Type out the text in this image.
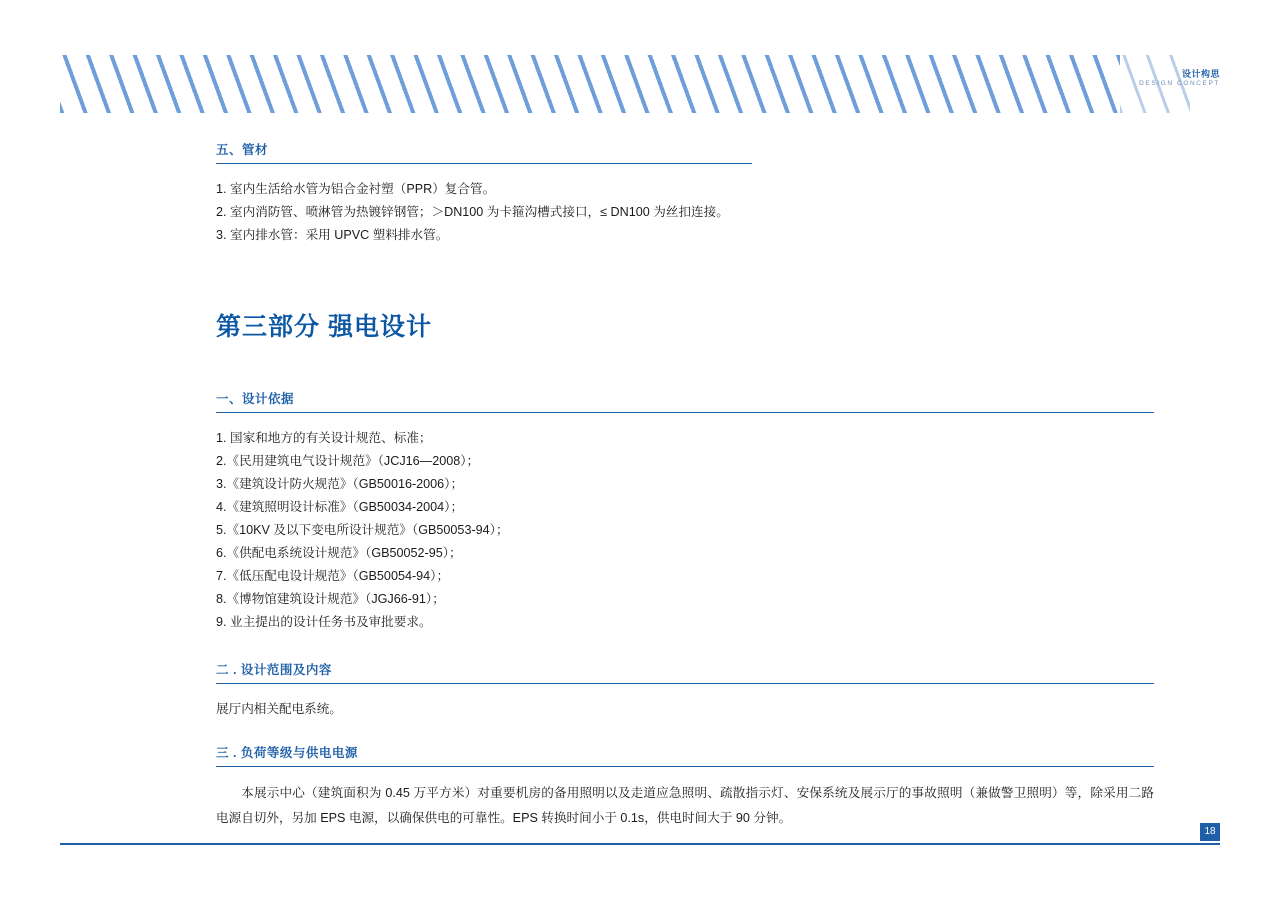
设计构思
DESIGN CONCEPT
五、管材
1. 室内生活给水管为铝合金衬塑（PPR）复合管。
2. 室内消防管、喷淋管为热镀锌钢管；＞DN100 为卡箍沟槽式接口，≤ DN100 为丝扣连接。
3. 室内排水管：采用 UPVC 塑料排水管。
第三部分 强电设计
一、设计依据
1. 国家和地方的有关设计规范、标准；
2.《民用建筑电气设计规范》（JCJ16—2008）；
3.《建筑设计防火规范》（GB50016-2006）；
4.《建筑照明设计标准》（GB50034-2004）；
5.《10KV 及以下变电所设计规范》（GB50053-94）；
6.《供配电系统设计规范》（GB50052-95）；
7.《低压配电设计规范》（GB50054-94）；
8.《博物馆建筑设计规范》（JGJ66-91）；
9. 业主提出的设计任务书及审批要求。
二 . 设计范围及内容
展厅内相关配电系统。
三 . 负荷等级与供电电源
本展示中心（建筑面积为 0.45 万平方米）对重要机房的备用照明以及走道应急照明、疏散指示灯、安保系统及展示厅的事故照明（兼做警卫照明）等，除采用二路电源自切外，另加 EPS 电源，以确保供电的可靠性。EPS 转换时间小于 0.1s，供电时间大于 90 分钟。
18
